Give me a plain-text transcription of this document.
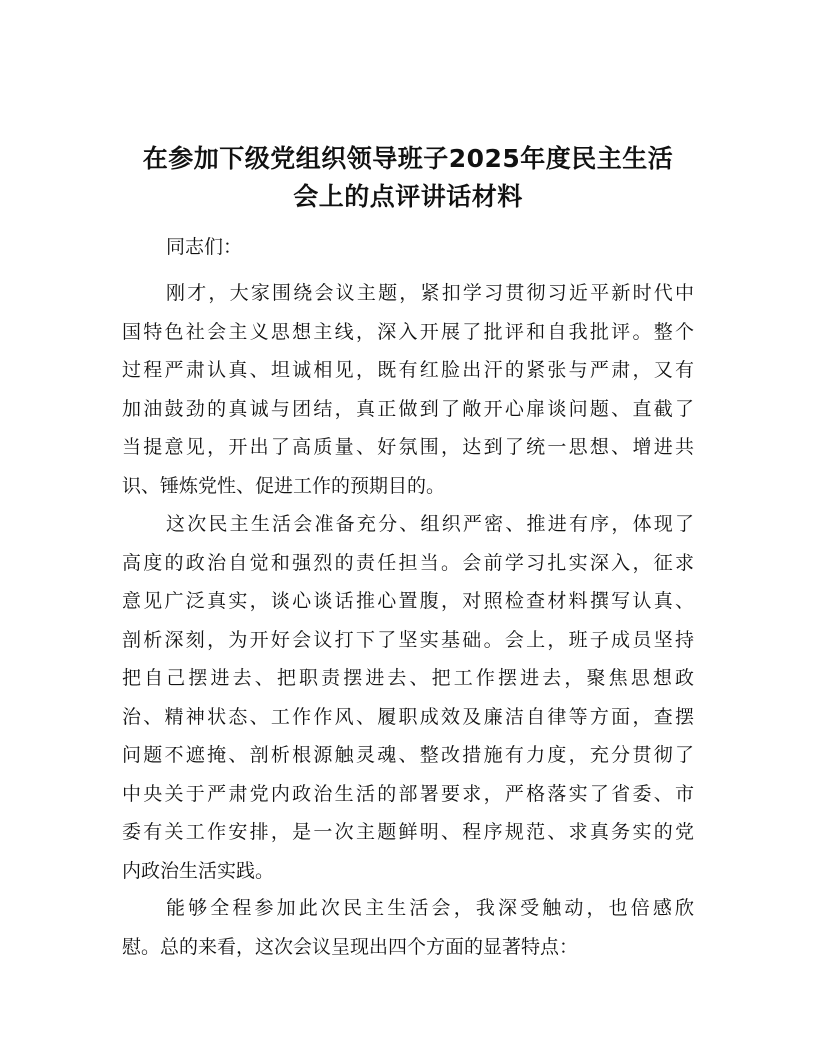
在参加下级党组织领导班子2025年度民主生活
会上的点评讲话材料
同志们：
刚才，大家围绕会议主题，紧扣学习贯彻习近平新时代中
国特色社会主义思想主线，深入开展了批评和自我批评。整个
过程严肃认真、坦诚相见，既有红脸出汗的紧张与严肃，又有
加油鼓劲的真诚与团结，真正做到了敞开心扉谈问题、直截了
当提意见，开出了高质量、好氛围，达到了统一思想、增进共
识、锤炼党性、促进工作的预期目的。
这次民主生活会准备充分、组织严密、推进有序，体现了
高度的政治自觉和强烈的责任担当。会前学习扎实深入，征求
意见广泛真实，谈心谈话推心置腹，对照检查材料撰写认真、
剖析深刻，为开好会议打下了坚实基础。会上，班子成员坚持
把自己摆进去、把职责摆进去、把工作摆进去，聚焦思想政
治、精神状态、工作作风、履职成效及廉洁自律等方面，查摆
问题不遮掩、剖析根源触灵魂、整改措施有力度，充分贯彻了
中央关于严肃党内政治生活的部署要求，严格落实了省委、市
委有关工作安排，是一次主题鲜明、程序规范、求真务实的党
内政治生活实践。
能够全程参加此次民主生活会，我深受触动，也倍感欣
慰。总的来看，这次会议呈现出四个方面的显著特点：
